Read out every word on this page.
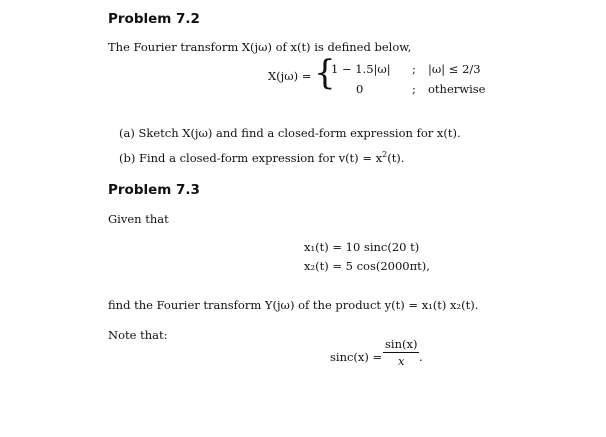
Problem 7.2
The Fourier transform X(jω) of x(t) is defined below,
X(jω) = {
1 − 1.5|ω| ; |ω| ≤ 2/3
0	; otherwise
(a) Sketch X(jω) and find a closed-form expression for x(t).
(b) Find a closed-form expression for $v(t) = x^2(t)$.
Problem 7.3
Given that
x₁(t) = 10 sinc(20 t)
x₂(t) = 5 cos(2000πt),
find the Fourier transform Y(jω) of the product y(t) = x₁(t) x₂(t).
Note that:
$\sin c(x) = \frac{\sin(x)}{x}$ .
